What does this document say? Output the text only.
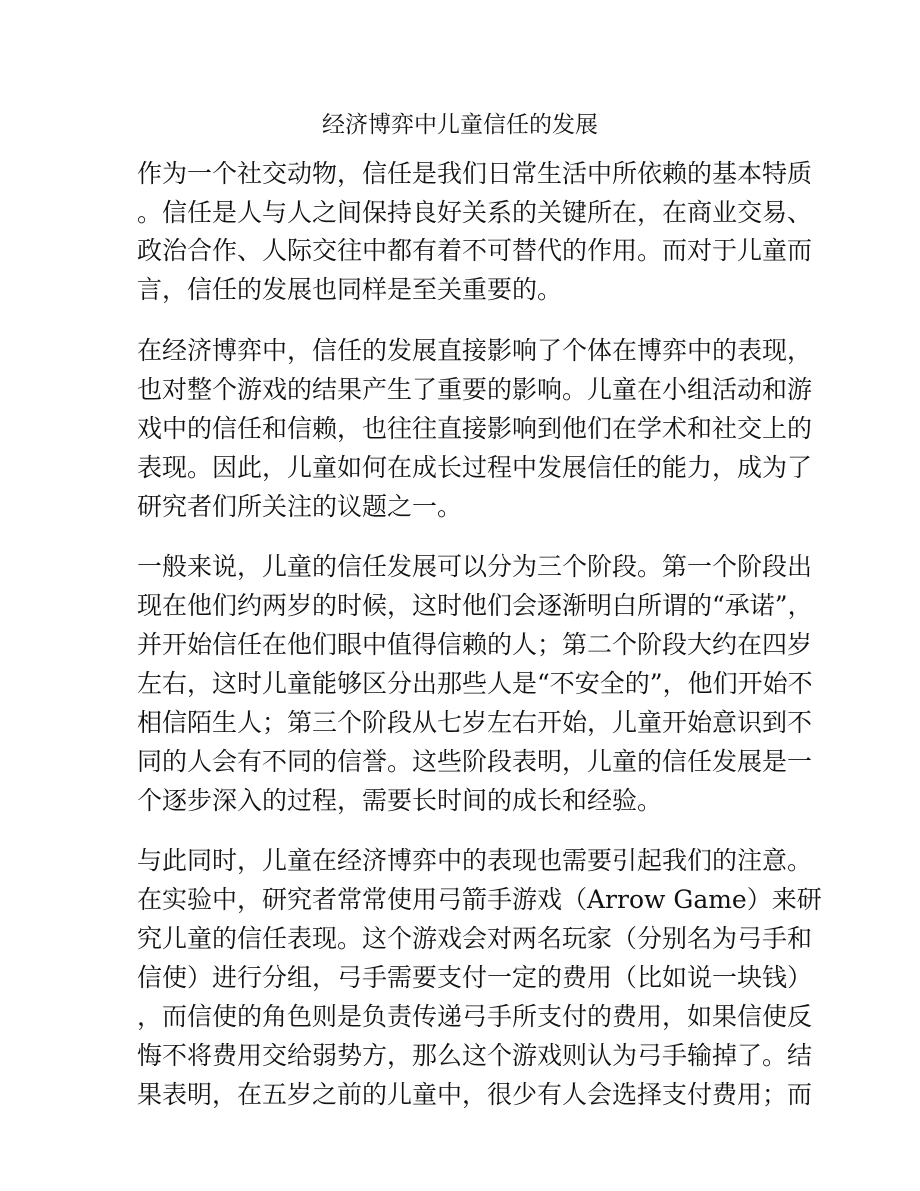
经济博弈中儿童信任的发展

作为一个社交动物，信任是我们日常生活中所依赖的基本特质

。信任是人与人之间保持良好关系的关键所在，在商业交易、

政治合作、人际交往中都有着不可替代的作用。而对于儿童而

言，信任的发展也同样是至关重要的。

在经济博弈中，信任的发展直接影响了个体在博弈中的表现，

也对整个游戏的结果产生了重要的影响。儿童在小组活动和游

戏中的信任和信赖，也往往直接影响到他们在学术和社交上的

表现。因此，儿童如何在成长过程中发展信任的能力，成为了

研究者们所关注的议题之一。

一般来说，儿童的信任发展可以分为三个阶段。第一个阶段出

现在他们约两岁的时候，这时他们会逐渐明白所谓的“承诺”，

并开始信任在他们眼中值得信赖的人；第二个阶段大约在四岁

左右，这时儿童能够区分出那些人是“不安全的”，他们开始不

相信陌生人；第三个阶段从七岁左右开始，儿童开始意识到不

同的人会有不同的信誉。这些阶段表明，儿童的信任发展是一

个逐步深入的过程，需要长时间的成长和经验。

与此同时，儿童在经济博弈中的表现也需要引起我们的注意。

在实验中，研究者常常使用弓箭手游戏（Arrow Game）来研

究儿童的信任表现。这个游戏会对两名玩家（分别名为弓手和

信使）进行分组，弓手需要支付一定的费用（比如说一块钱）

，而信使的角色则是负责传递弓手所支付的费用，如果信使反

悔不将费用交给弱势方，那么这个游戏则认为弓手输掉了。结

果表明，在五岁之前的儿童中，很少有人会选择支付费用；而
